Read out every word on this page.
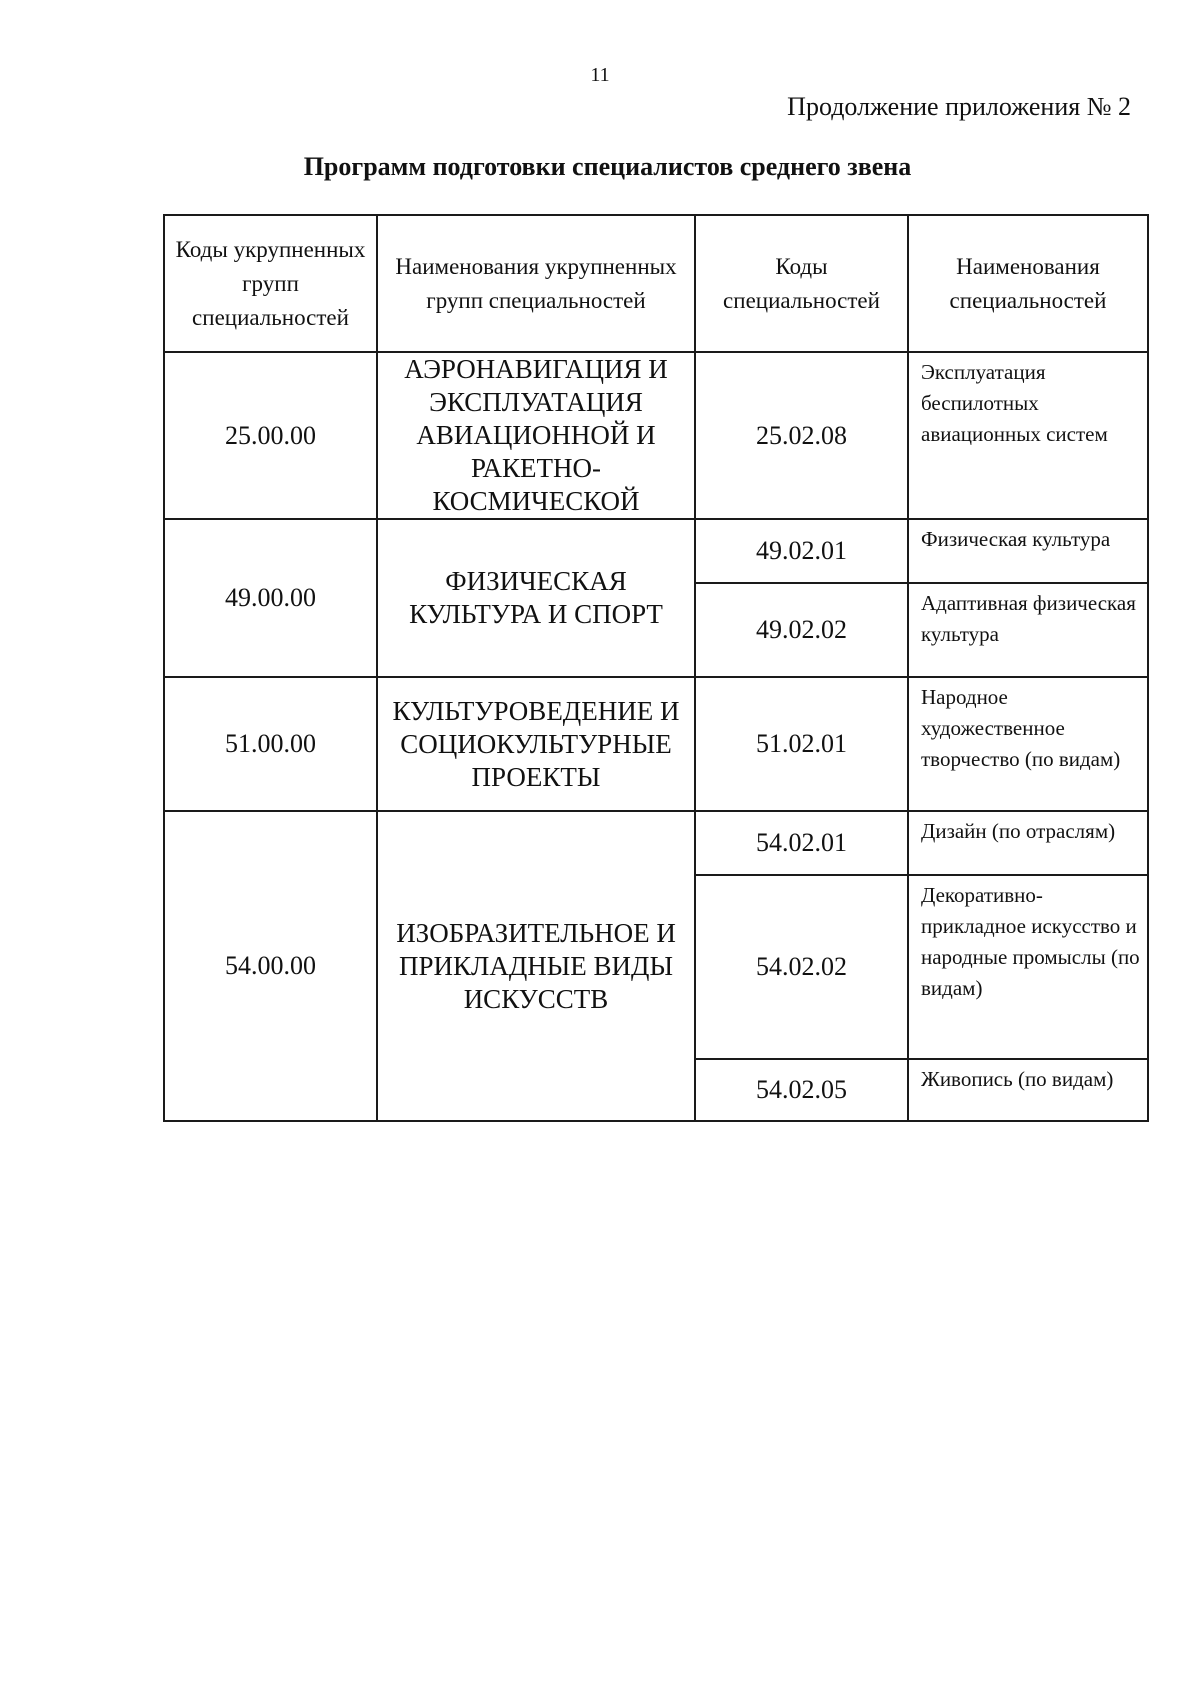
11
Продолжение приложения № 2
Программ подготовки специалистов среднего звена
Коды укрупненных групп специальностей	Наименования укрупненных групп специальностей	Коды специальностей	Наименования специальностей
25.00.00	АЭРОНАВИГАЦИЯ И ЭКСПЛУАТАЦИЯ АВИАЦИОННОЙ И РАКЕТНО-КОСМИЧЕСКОЙ	25.02.08	Эксплуатация беспилотных авиационных систем
49.00.00	ФИЗИЧЕСКАЯ КУЛЬТУРА И СПОРТ	49.02.01	Физическая культура
		49.02.02	Адаптивная физическая культура
51.00.00	КУЛЬТУРОВЕДЕНИЕ И СОЦИОКУЛЬТУРНЫЕ ПРОЕКТЫ	51.02.01	Народное художественное творчество (по видам)
54.00.00	ИЗОБРАЗИТЕЛЬНОЕ И ПРИКЛАДНЫЕ ВИДЫ ИСКУССТВ	54.02.01	Дизайн (по отраслям)
		54.02.02	Декоративно-прикладное искусство и народные промыслы (по видам)
		54.02.05	Живопись (по видам)
